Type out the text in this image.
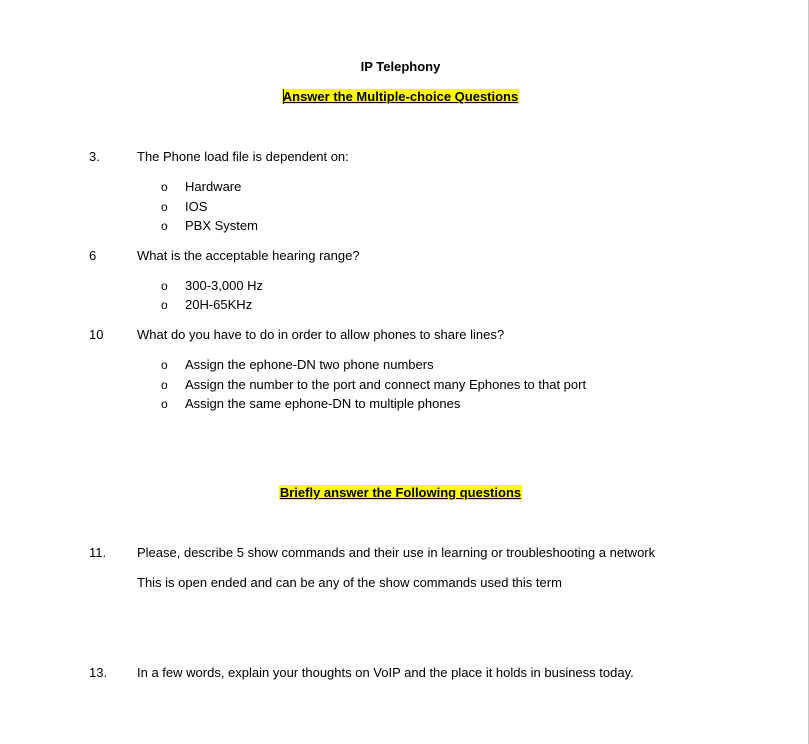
IP Telephony
Answer the Multiple-choice Questions
3.	The Phone load file is dependent on:
o Hardware
o IOS
o PBX System
6	What is the acceptable hearing range?
o 300-3,000 Hz
o 20H-65KHz
10	What do you have to do in order to allow phones to share lines?
o Assign the ephone-DN two phone numbers
o Assign the number to the port and connect many Ephones to that port
o Assign the same ephone-DN to multiple phones
Briefly answer the Following questions
11. Please, describe 5 show commands and their use in learning or troubleshooting a network
This is open ended and can be any of the show commands used this term
13. In a few words, explain your thoughts on VoIP and the place it holds in business today.
